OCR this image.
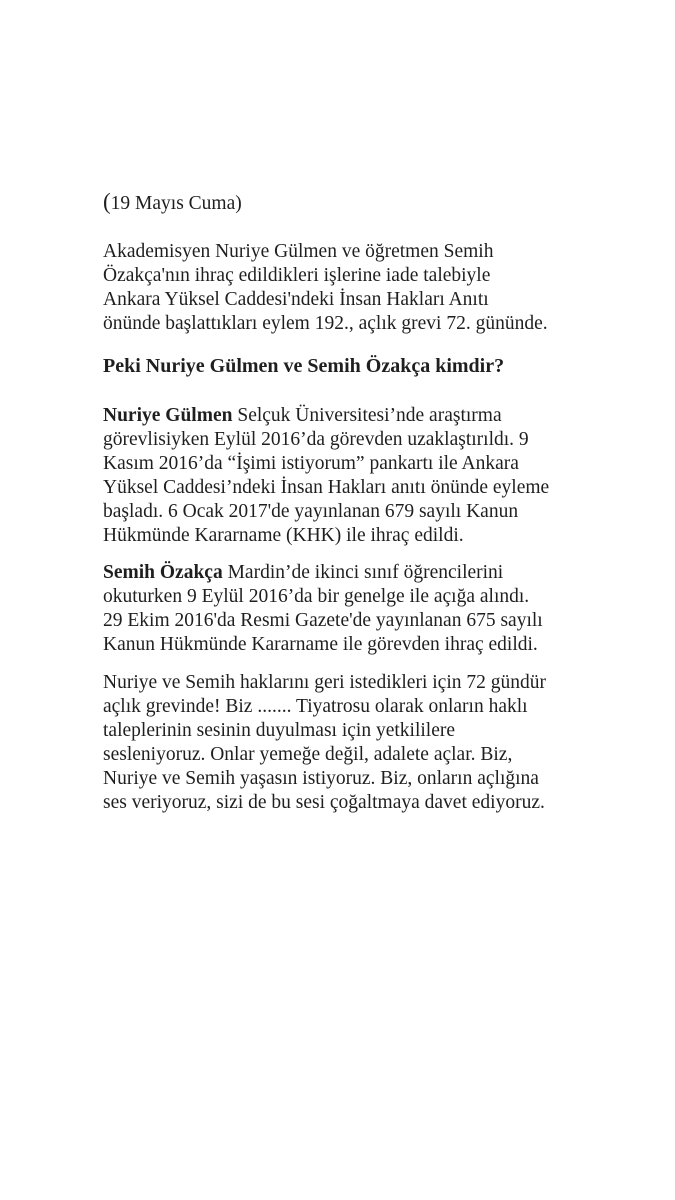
(19 Mayıs Cuma)

Akademisyen Nuriye Gülmen ve öğretmen Semih
Özakça'nın ihraç edildikleri işlerine iade talebiyle
Ankara Yüksel Caddesi'ndeki İnsan Hakları Anıtı
önünde başlattıkları eylem 192., açlık grevi 72. gününde.

Peki Nuriye Gülmen ve Semih Özakça kimdir?

Nuriye Gülmen Selçuk Üniversitesi’nde araştırma
görevlisiyken Eylül 2016’da görevden uzaklaştırıldı. 9
Kasım 2016’da “İşimi istiyorum” pankartı ile Ankara
Yüksel Caddesi’ndeki İnsan Hakları anıtı önünde eyleme
başladı. 6 Ocak 2017'de yayınlanan 679 sayılı Kanun
Hükmünde Kararname (KHK) ile ihraç edildi.

Semih Özakça Mardin’de ikinci sınıf öğrencilerini
okuturken 9 Eylül 2016’da bir genelge ile açığa alındı.
29 Ekim 2016'da Resmi Gazete'de yayınlanan 675 sayılı
Kanun Hükmünde Kararname ile görevden ihraç edildi.

Nuriye ve Semih haklarını geri istedikleri için 72 gündür
açlık grevinde! Biz ....... Tiyatrosu olarak onların haklı
taleplerinin sesinin duyulması için yetkililere
sesleniyoruz. Onlar yemeğe değil, adalete açlar. Biz,
Nuriye ve Semih yaşasın istiyoruz. Biz, onların açlığına
ses veriyoruz, sizi de bu sesi çoğaltmaya davet ediyoruz.
